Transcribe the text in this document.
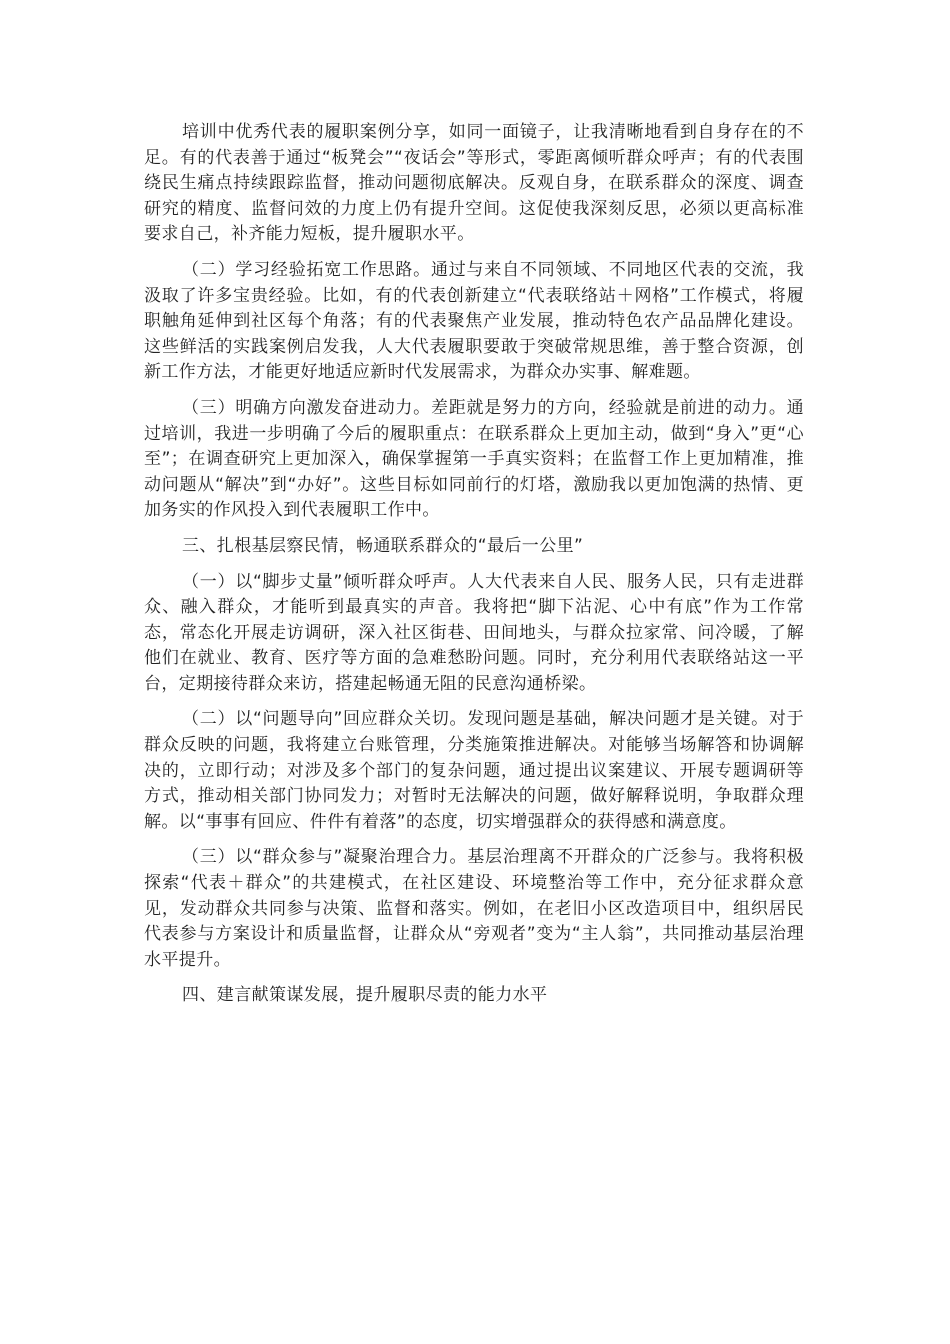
培训中优秀代表的履职案例分享，如同一面镜子，让我清晰地看到自身存在的不足。有的代表善于通过“板凳会”“夜话会”等形式，零距离倾听群众呼声；有的代表围绕民生痛点持续跟踪监督，推动问题彻底解决。反观自身，在联系群众的深度、调查研究的精度、监督问效的力度上仍有提升空间。这促使我深刻反思，必须以更高标准要求自己，补齐能力短板，提升履职水平。

（二）学习经验拓宽工作思路。通过与来自不同领域、不同地区代表的交流，我汲取了许多宝贵经验。比如，有的代表创新建立“代表联络站＋网格”工作模式，将履职触角延伸到社区每个角落；有的代表聚焦产业发展，推动特色农产品品牌化建设。这些鲜活的实践案例启发我，人大代表履职要敢于突破常规思维，善于整合资源，创新工作方法，才能更好地适应新时代发展需求，为群众办实事、解难题。

（三）明确方向激发奋进动力。差距就是努力的方向，经验就是前进的动力。通过培训，我进一步明确了今后的履职重点：在联系群众上更加主动，做到“身入”更“心至”；在调查研究上更加深入，确保掌握第一手真实资料；在监督工作上更加精准，推动问题从“解决”到“办好”。这些目标如同前行的灯塔，激励我以更加饱满的热情、更加务实的作风投入到代表履职工作中。

三、扎根基层察民情，畅通联系群众的“最后一公里”

（一）以“脚步丈量”倾听群众呼声。人大代表来自人民、服务人民，只有走进群众、融入群众，才能听到最真实的声音。我将把“脚下沾泥、心中有底”作为工作常态，常态化开展走访调研，深入社区街巷、田间地头，与群众拉家常、问冷暖，了解他们在就业、教育、医疗等方面的急难愁盼问题。同时，充分利用代表联络站这一平台，定期接待群众来访，搭建起畅通无阻的民意沟通桥梁。

（二）以“问题导向”回应群众关切。发现问题是基础，解决问题才是关键。对于群众反映的问题，我将建立台账管理，分类施策推进解决。对能够当场解答和协调解决的，立即行动；对涉及多个部门的复杂问题，通过提出议案建议、开展专题调研等方式，推动相关部门协同发力；对暂时无法解决的问题，做好解释说明，争取群众理解。以“事事有回应、件件有着落”的态度，切实增强群众的获得感和满意度。

（三）以“群众参与”凝聚治理合力。基层治理离不开群众的广泛参与。我将积极探索“代表＋群众”的共建模式，在社区建设、环境整治等工作中，充分征求群众意见，发动群众共同参与决策、监督和落实。例如，在老旧小区改造项目中，组织居民代表参与方案设计和质量监督，让群众从“旁观者”变为“主人翁”，共同推动基层治理水平提升。

四、建言献策谋发展，提升履职尽责的能力水平
